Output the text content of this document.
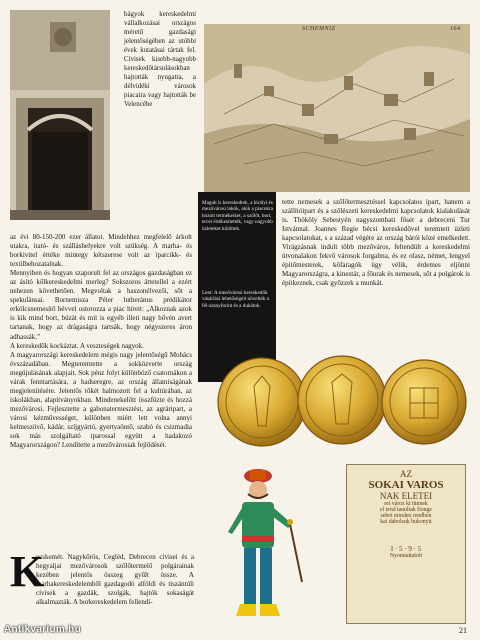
bágyok kereskedelmi vállalkozásai országos méretű gazdasági jelentőségében az utóbbi évek kutatásai tártak fel. Cívisek kisebb-nagyobb kereskedőtársulásokban hajtották nyugatra, a délvidéki városok piacaira vagy hajtották be Velencébe

SCHEMNIZ	164
Maguk is kereskedtek, a királyi és mezővárosi lakók, akik a piacokra hozott termékeiket, a szőlőt, bort, ercet értékesítették, vagy nagyobb üzleteket kötöttek.
Lent: A mezővárosi kereskedők vásárlási lehetőségeit növelték a fél-aranyforint és a dukátok.

tette nemesek a szőlőtermesztéssel kapcsolatos ipart, hanem a szállítóipart és a szőlészeti kereskedelmi kapcsolatok kialakulását is. Thököly Sebestyén nagyszombati fősér a debreceni Tur Istvánnal. Joannes Regie bécsi kereskedővel teremtett üzleti kapcsolatokat, s a század végére az ország bárói közé emelkedett. Virágzásnak indult több mezőváros, feltendült a kereskedelmi útvonalakon fekvő városok forgalma, és ez olasz, német, lengyel építőmesterek, kőfaragók ügy vélik, érdemes eljönni Magyarországra, a kinestár, a főurak és nemesek, sőt a polgárok is építkeznek, csak győzzek a munkát.

az évi 80-150-200 ezer állatot. Mindehhez megfelelő árkolt utakra, itató- és szálláshelyekre volt szükség. A marha- és borkivitel értéke mintegy kétszerese volt az iparcikk- és textilbehozatalnak.

Mennyiben és hogyan szaporult fel az országos gazdaságban ez az ásító kőlkereskedelmi merleg? Sokszoros áttetellel a ezért nehezen követhetően. Megvoltak a haszonélvezői, sőt a spekulánsai. Bornemisza Péter lutheránus prédikátor erkölcsnemesítő hévvel ostorozza a piac híreit: „Alkoznak azok is kik mind bort, búzát és mit is egyéb illeti nagy bővén avert tartanak, hogy az drágaságra tartsák, hogy négyszeres áron adhassák.”

A kereskedők kockáztat. A veszteségek nagyok.

A magyarországi kereskedelem mégis nagy jelentőségű Mohács évszázadában. Megteremtette a sokközverte ország megújulásának alapjait. Sok pénz folyt különböző csatornákon a várak fenntartására, a hadseregre, az ország államiságának megjelenítésére. Jelentős tőkét halmozott fel a kultúrában, az iskolákban, alapítványokban. Mindenekelőtt összfüzte és hozzá mezővárosi. Fejlesztette a gabonatermesztést, az agráripart, a városi kézművességet, különben miért lett volna annyi kelmeszövő, kádár, szíjgyártó, gyertyaöntő, szabó és csizmadia sok más szolgáltató iparossal együtt a hadakozó Magyarországon? Lendítette a mezővárosiak fejlődését.

AZ
SOKAI VAROS
NAK ELETEI
ret vároz ki tünnek
el tend tanultak fionge
sebet minden rendben
kai dabolsuk bukonyit
I · 5 · 9 · 5
Nyomtattatott
K

ecskemét. Nagykőrös, Cegléd, Debrecen cívisei és a hegyaljai mezővárosok szőlőtermelő polgárainak kezében jelentős összeg gyűlt össze. A marhakereskedelemből gazdagodó alföldi és tiszántúli cívisek a gazdák, szolgák, hajtók sokaságát alkalmazták. A borkereskedelem fellendí-

21
Antikvarium.hu
